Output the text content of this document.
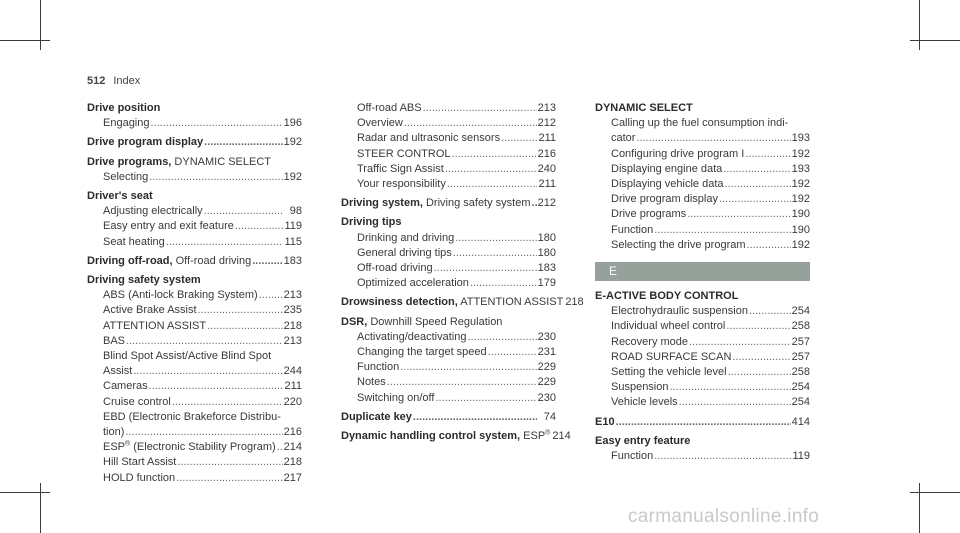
512 Index
Drive position
Engaging .....	196
Drive program display .....	192
Drive programs, DYNAMIC SELECT
Selecting .....	192
Driver's seat
Adjusting electrically .....	98
Easy entry and exit feature .....	119
Seat heating .....	115
Driving off-road, Off-road driving .....	183
Driving safety system
ABS (Anti-lock Braking System) ..... 213
Active Brake Assist .....	235
ATTENTION ASSIST .....	218
BAS .....	213
Blind Spot Assist/Active Blind Spot
Assist .....	244
Cameras .....	211
Cruise control .....	220
EBD (Electronic Brakeforce Distribu-
tion) .....	216
ESP® (Electronic Stability Program) ..... 214
Hill Start Assist .....	218
HOLD function .....	217
Off-road ABS .....	213
Overview .....	212
Radar and ultrasonic sensors .....	211
STEER CONTROL .....	216
Traffic Sign Assist .....	240
Your responsibility .....	211
Driving system, Driving safety system ..... 212
Driving tips
Drinking and driving .....	180
General driving tips .....	180
Off-road driving .....	183
Optimized acceleration .....	179
Drowsiness detection, ATTENTION ASSIST 218
DSR, Downhill Speed Regulation
Activating/deactivating .....	230
Changing the target speed .....	231
Function .....	229
Notes .....	229
Switching on/off .....	230
Duplicate key .....	74
Dynamic handling control system, ESP® 214
DYNAMIC SELECT
Calling up the fuel consumption indi-
cator .....	193
Configuring drive program I .....	192
Displaying engine data .....	193
Displaying vehicle data .....	192
Drive program display .....	192
Drive programs .....	190
Function .....	190
Selecting the drive program .....	192
E
E-ACTIVE BODY CONTROL
Electrohydraulic suspension .....	254
Individual wheel control .....	258
Recovery mode .....	257
ROAD SURFACE SCAN .....	257
Setting the vehicle level .....	258
Suspension .....	254
Vehicle levels .....	254
E10 .....	414
Easy entry feature
Function .....	119
carmanualsonline.info
